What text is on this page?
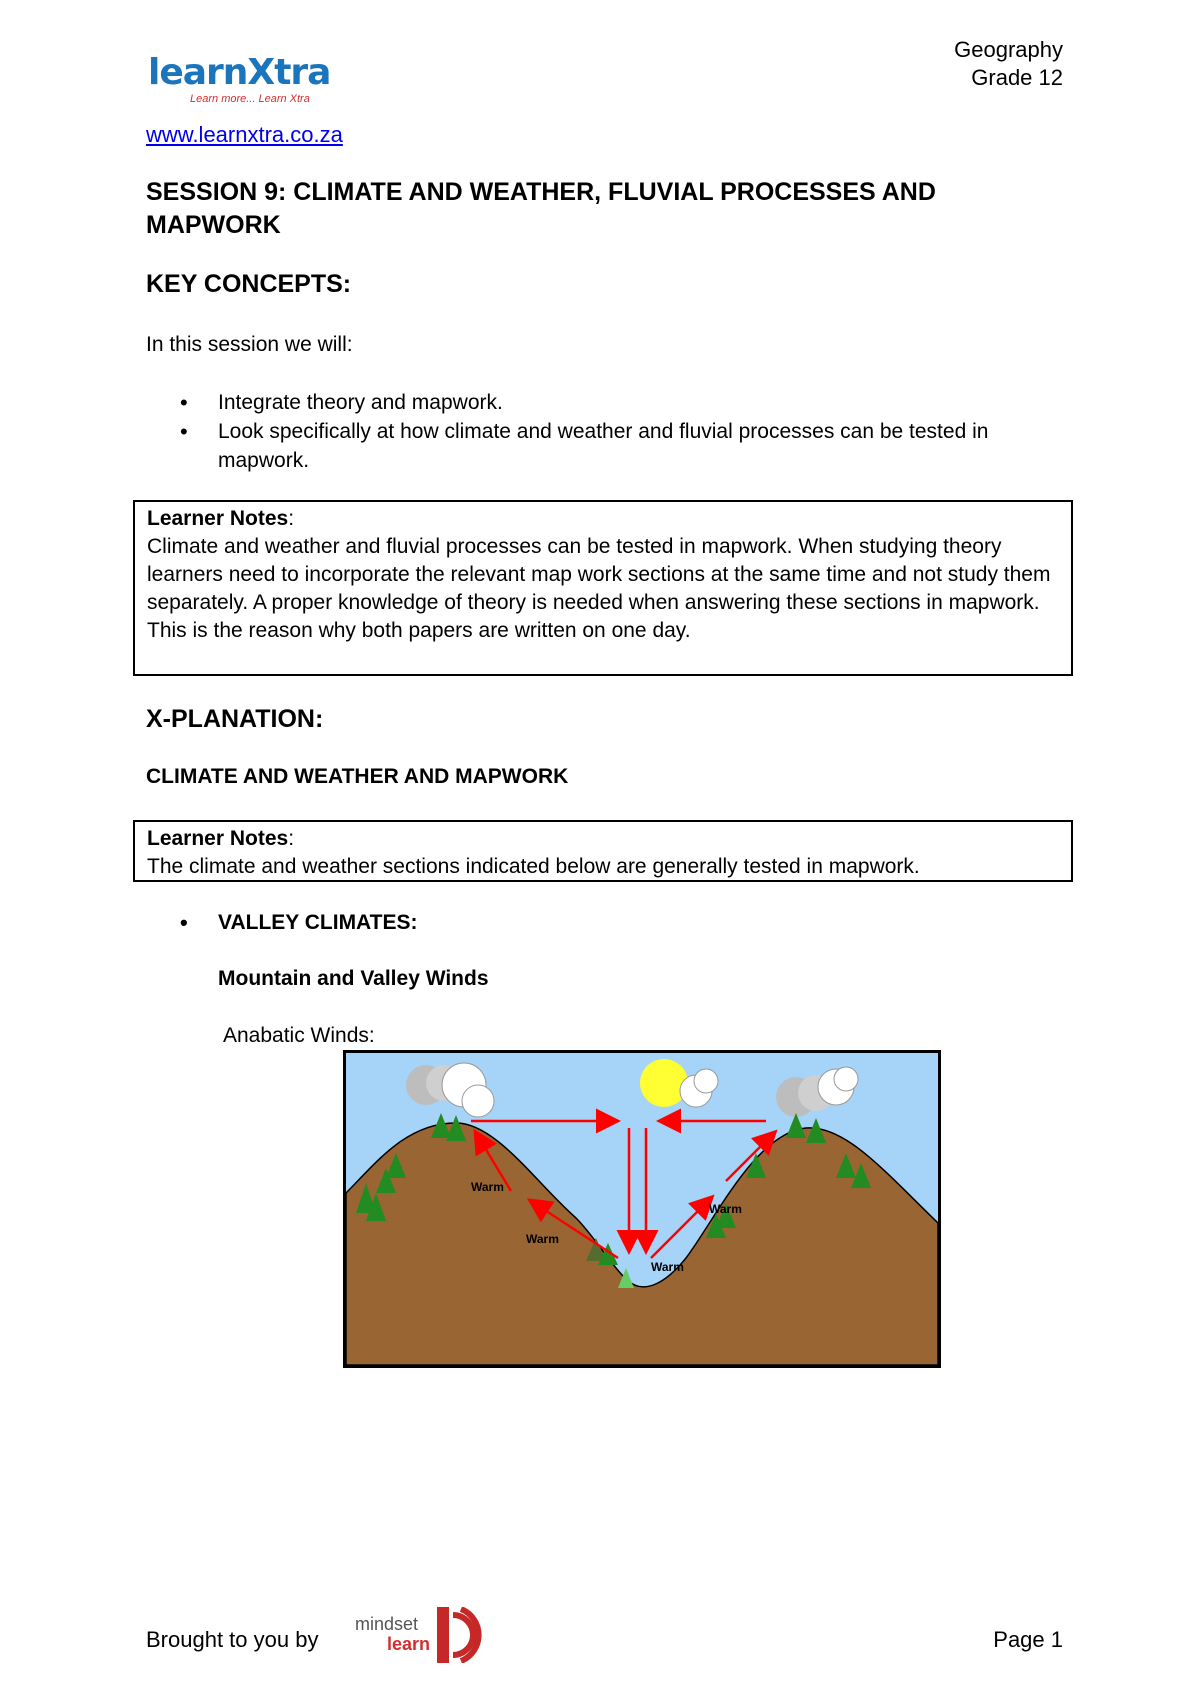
learnXtra
Learn more... Learn Xtra
Geography
Grade 12
www.learnxtra.co.za
SESSION 9: CLIMATE AND WEATHER, FLUVIAL PROCESSES AND MAPWORK
KEY CONCEPTS:
In this session we will:
• Integrate theory and mapwork.
• Look specifically at how climate and weather and fluvial processes can be tested in mapwork.
Learner Notes:
Climate and weather and fluvial processes can be tested in mapwork. When studying theory learners need to incorporate the relevant map work sections at the same time and not study them separately. A proper knowledge of theory is needed when answering these sections in mapwork. This is the reason why both papers are written on one day.
X-PLANATION:
CLIMATE AND WEATHER AND MAPWORK
Learner Notes:
The climate and weather sections indicated below are generally tested in mapwork.
• VALLEY CLIMATES:
Mountain and Valley Winds
Anabatic Winds:
Warm
Warm
Warm
Warm
Brought to you by
mindset
learn	Page 1
